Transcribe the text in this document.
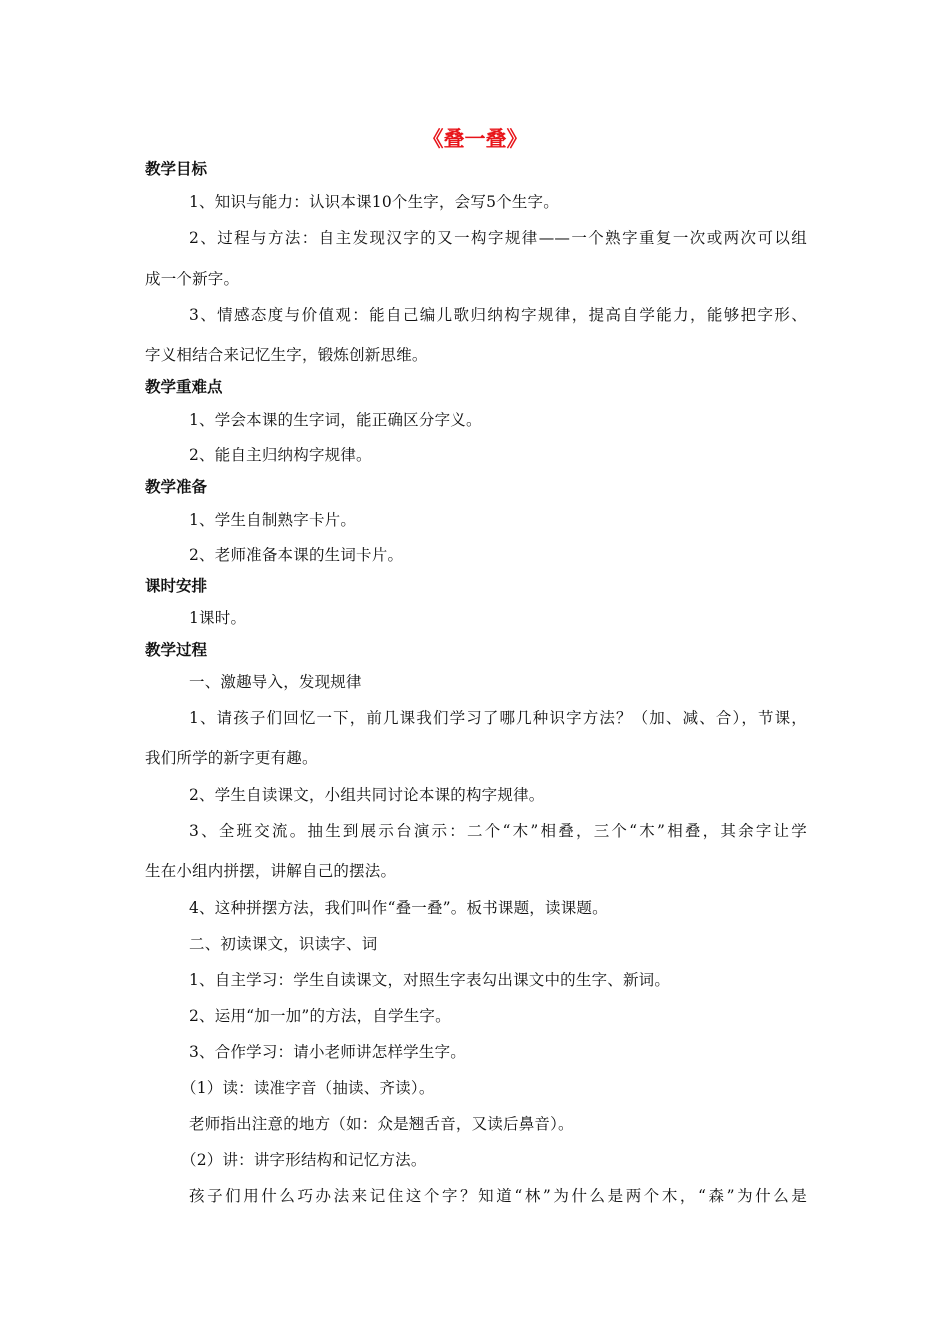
《叠一叠》
教学目标
1、知识与能力：认识本课10个生字，会写5个生字。
2、过程与方法：自主发现汉字的又一构字规律——一个熟字重复一次或两次可以组
成一个新字。
3、情感态度与价值观：能自己编儿歌归纳构字规律，提高自学能力，能够把字形、
字义相结合来记忆生字，锻炼创新思维。
教学重难点
1、学会本课的生字词，能正确区分字义。
2、能自主归纳构字规律。
教学准备
1、学生自制熟字卡片。
2、老师准备本课的生词卡片。
课时安排
1课时。
教学过程
一、激趣导入，发现规律
1、请孩子们回忆一下，前几课我们学习了哪几种识字方法？（加、减、合），节课，
我们所学的新字更有趣。
2、学生自读课文，小组共同讨论本课的构字规律。
3、全班交流。抽生到展示台演示：二个“木”相叠，三个“木”相叠，其余字让学
生在小组内拼摆，讲解自己的摆法。
4、这种拼摆方法，我们叫作“叠一叠”。板书课题，读课题。
二、初读课文，识读字、词
1、自主学习：学生自读课文，对照生字表勾出课文中的生字、新词。
2、运用“加一加”的方法，自学生字。
3、合作学习：请小老师讲怎样学生字。
（1）读：读准字音（抽读、齐读）。
老师指出注意的地方（如：众是翘舌音，又读后鼻音）。
（2）讲：讲字形结构和记忆方法。
孩子们用什么巧办法来记住这个字？知道“林”为什么是两个木，“森”为什么是
